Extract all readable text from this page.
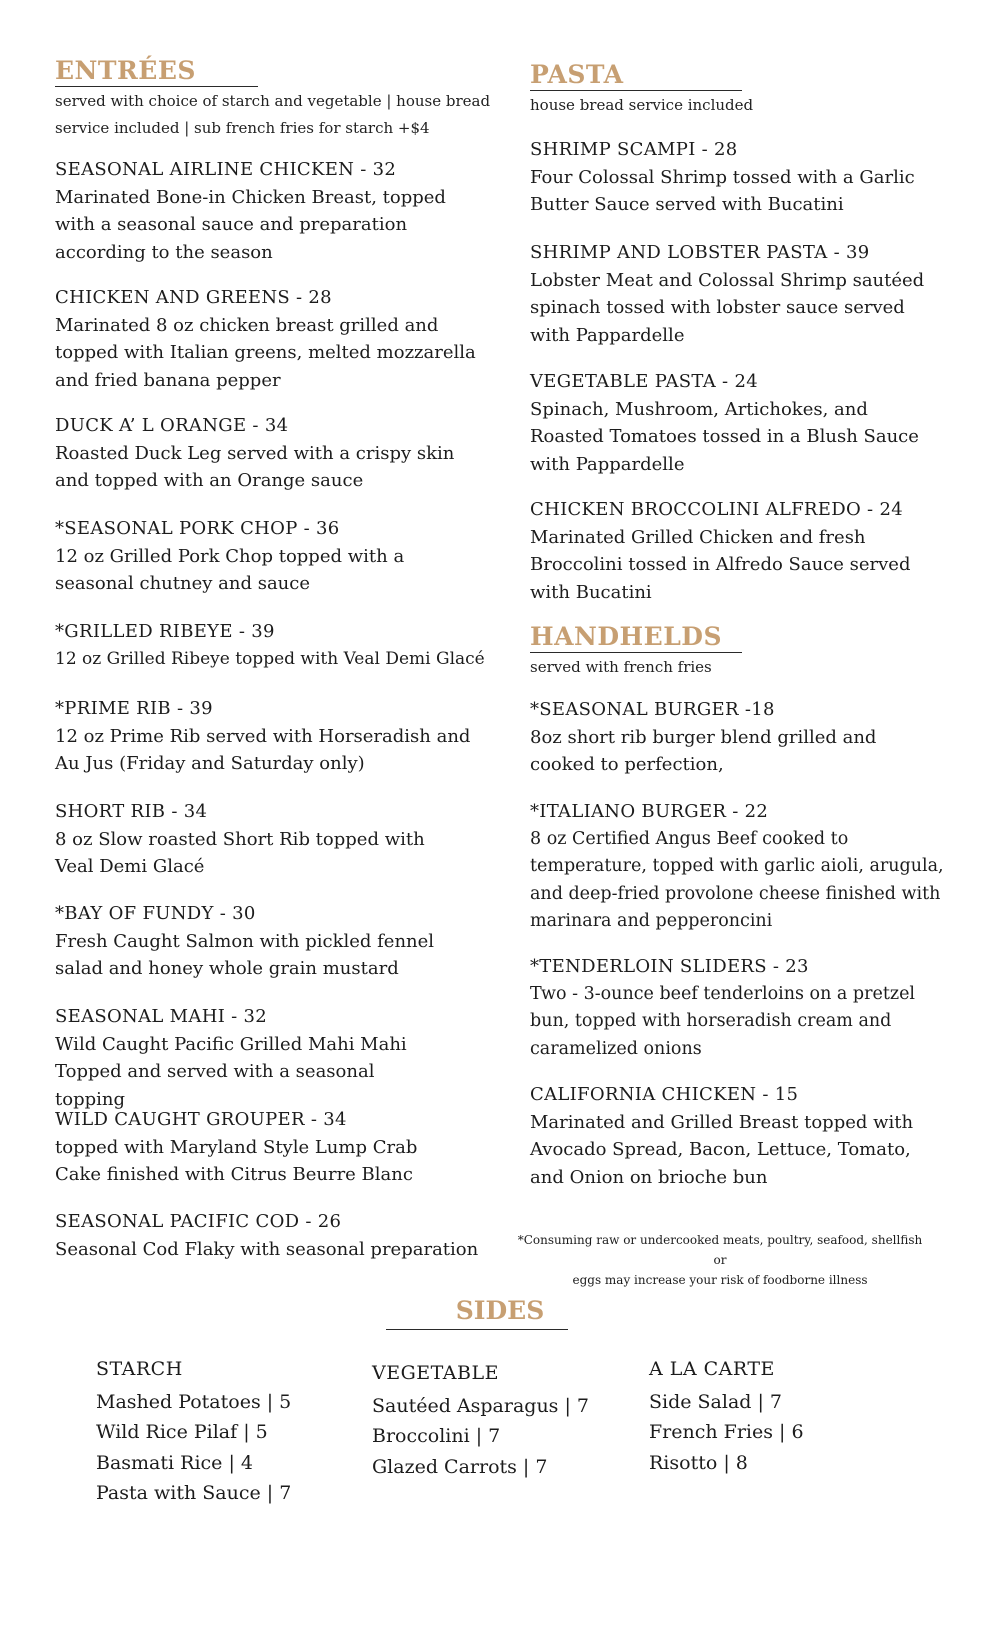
ENTRÉES
served with choice of starch and vegetable | house bread
service included | sub french fries for starch +$4
SEASONAL AIRLINE CHICKEN - 32
Marinated Bone-in Chicken Breast, topped with a seasonal sauce and preparation according to the season
CHICKEN AND GREENS - 28
Marinated 8 oz chicken breast grilled and topped with Italian greens, melted mozzarella and fried banana pepper
DUCK A’ L ORANGE - 34
Roasted Duck Leg served with a crispy skin and topped with an Orange sauce
*SEASONAL PORK CHOP - 36
12 oz Grilled Pork Chop topped with a seasonal chutney and sauce
*GRILLED RIBEYE - 39
12 oz Grilled Ribeye topped with Veal Demi Glacé
*PRIME RIB - 39
12 oz Prime Rib served with Horseradish and Au Jus (Friday and Saturday only)
SHORT RIB - 34
8 oz Slow roasted Short Rib topped with Veal Demi Glacé
*BAY OF FUNDY - 30
Fresh Caught Salmon with pickled fennel salad and honey whole grain mustard
SEASONAL MAHI - 32
Wild Caught Pacific Grilled Mahi Mahi Topped and served with a seasonal topping
WILD CAUGHT GROUPER - 34
topped with Maryland Style Lump Crab Cake finished with Citrus Beurre Blanc
SEASONAL PACIFIC COD - 26
Seasonal Cod Flaky with seasonal preparation
PASTA
house bread service included
SHRIMP SCAMPI - 28
Four Colossal Shrimp tossed with a Garlic Butter Sauce served with Bucatini
SHRIMP AND LOBSTER PASTA - 39
Lobster Meat and Colossal Shrimp sautéed spinach tossed with lobster sauce served with Pappardelle
VEGETABLE PASTA - 24
Spinach, Mushroom, Artichokes, and Roasted Tomatoes tossed in a Blush Sauce with Pappardelle
CHICKEN BROCCOLINI ALFREDO - 24
Marinated Grilled Chicken and fresh Broccolini tossed in Alfredo Sauce served with Bucatini
HANDHELDS
served with french fries
*SEASONAL BURGER -18
8oz short rib burger blend grilled and cooked to perfection,
*ITALIANO BURGER - 22
8 oz Certified Angus Beef cooked to temperature, topped with garlic aioli, arugula, and deep-fried provolone cheese finished with marinara and pepperoncini
*TENDERLOIN SLIDERS - 23
Two - 3-ounce beef tenderloins on a pretzel bun, topped with horseradish cream and caramelized onions
CALIFORNIA CHICKEN - 15
Marinated and Grilled Breast topped with Avocado Spread, Bacon, Lettuce, Tomato, and Onion on brioche bun
*Consuming raw or undercooked meats, poultry, seafood, shellfish or
eggs may increase your risk of foodborne illness
SIDES
STARCH
Mashed Potatoes | 5
Wild Rice Pilaf | 5
Basmati Rice | 4
Pasta with Sauce | 7
VEGETABLE
Sautéed Asparagus | 7
Broccolini | 7
Glazed Carrots | 7
A LA CARTE
Side Salad | 7
French Fries | 6
Risotto | 8
